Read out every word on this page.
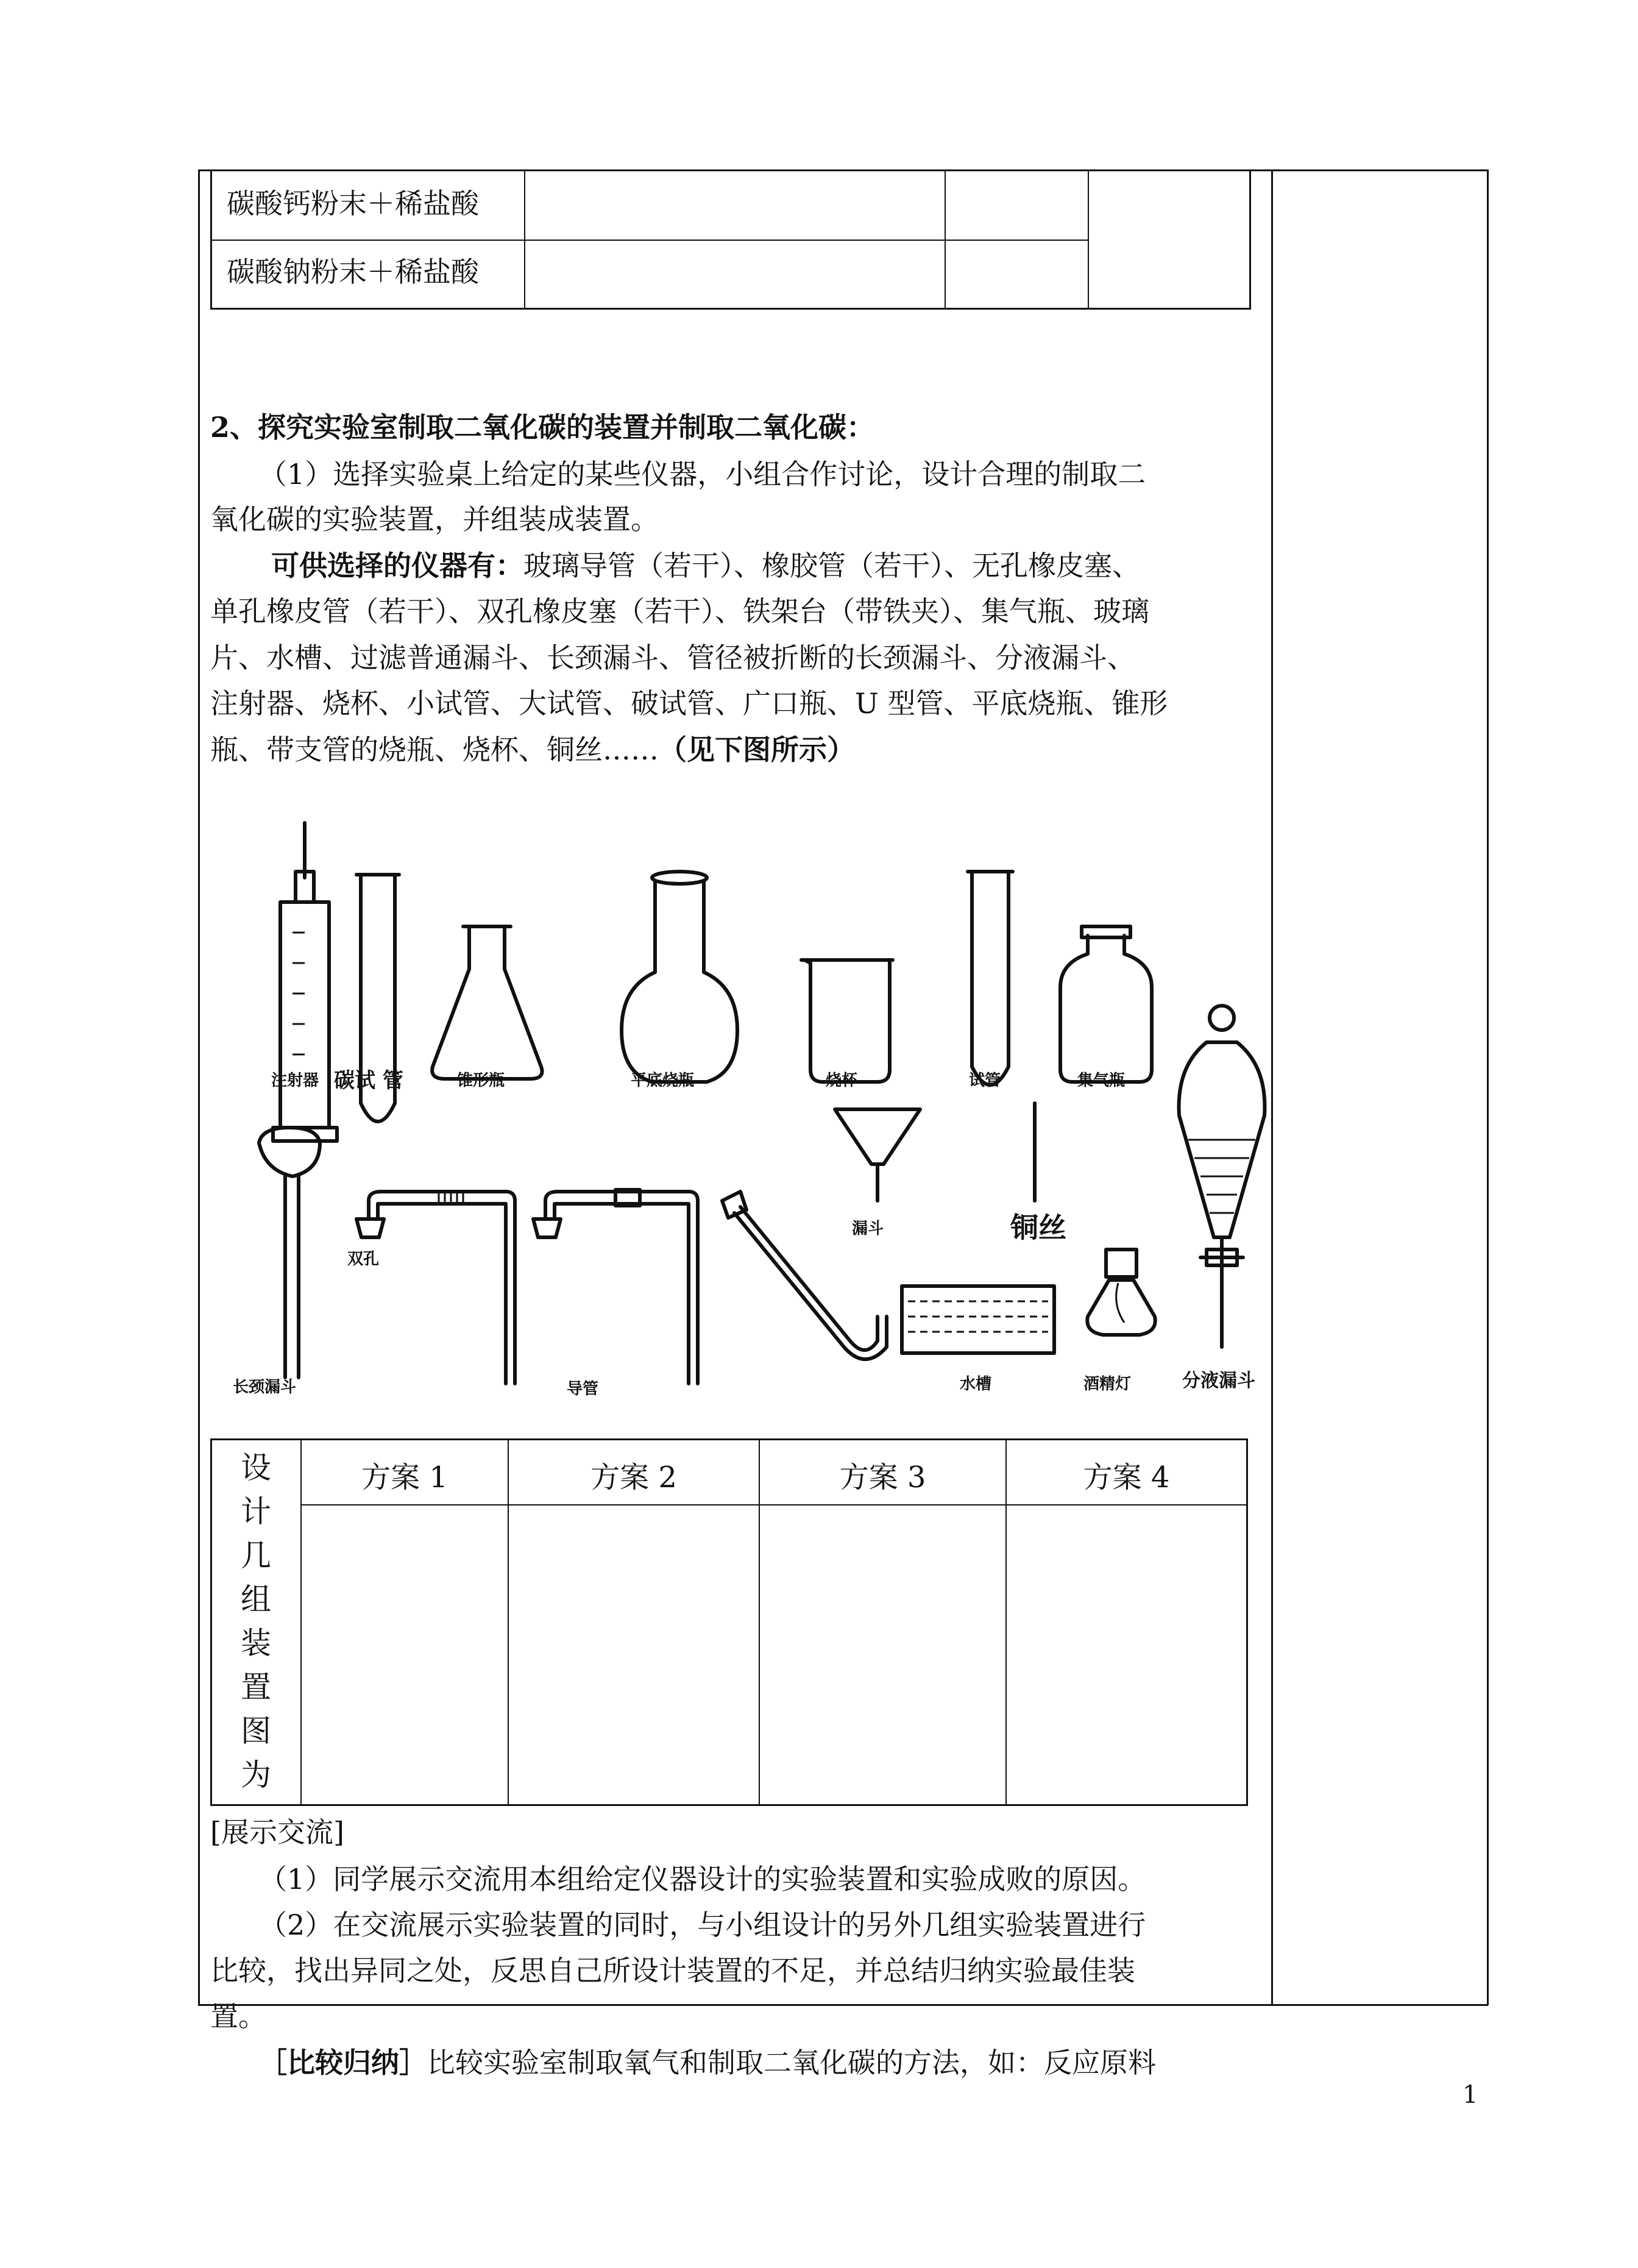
碳酸钙粉末＋稀盐酸
碳酸钠粉末＋稀盐酸
2、探究实验室制取二氧化碳的装置并制取二氧化碳：
（1）选择实验桌上给定的某些仪器，小组合作讨论，设计合理的制取二
氧化碳的实验装置，并组装成装置。
可供选择的仪器有：玻璃导管（若干）、橡胶管（若干）、无孔橡皮塞、
单孔橡皮管（若干）、双孔橡皮塞（若干）、铁架台（带铁夹）、集气瓶、玻璃
片、水槽、过滤普通漏斗、长颈漏斗、管径被折断的长颈漏斗、分液漏斗、
注射器、烧杯、小试管、大试管、破试管、广口瓶、U 型管、平底烧瓶、锥形
瓶、带支管的烧瓶、烧杯、铜丝……（见下图所示）
注射器 碳试 管	锥形瓶	平底烧瓶	烧杯	试管	集气瓶
双孔
漏斗	铜丝
长颈漏斗	导管	水槽	酒精灯	分液漏斗
设
计
几
组
装
置
图
为
方案 1	方案 2	方案 3	方案 4
[展示交流]
（1）同学展示交流用本组给定仪器设计的实验装置和实验成败的原因。
（2）在交流展示实验装置的同时，与小组设计的另外几组实验装置进行
比较，找出异同之处，反思自己所设计装置的不足，并总结归纳实验最佳装
置。
［比较归纳］比较实验室制取氧气和制取二氧化碳的方法，如：反应原料
1
